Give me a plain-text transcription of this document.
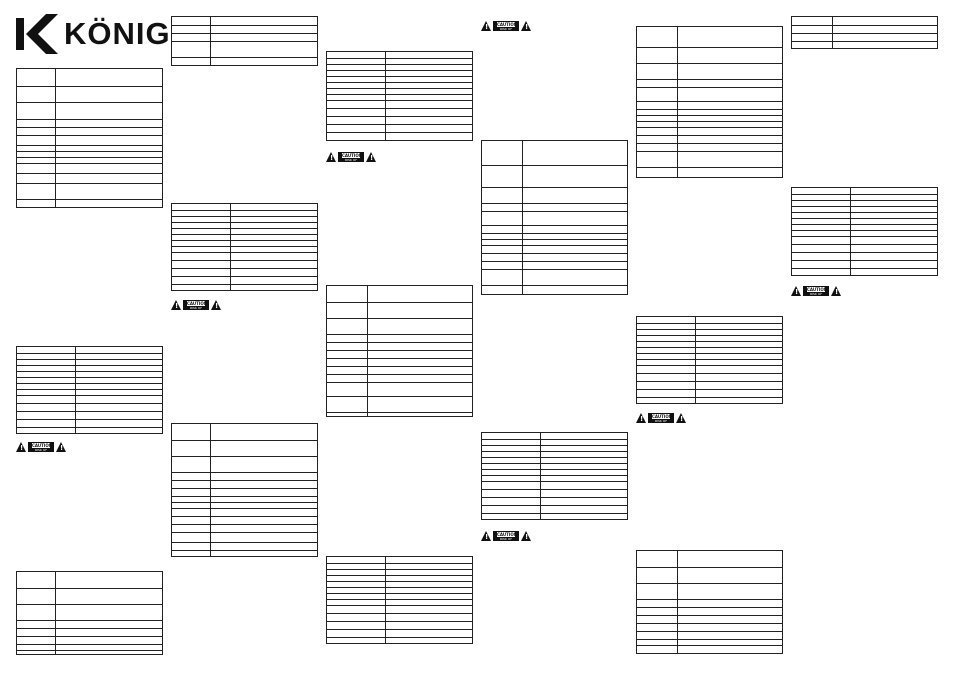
KÖNIG
!
CAUTION
RISK OF ELECTRIC SHOCK
!
!
CAUTION
RISK OF ELECTRIC SHOCK
!
!
CAUTION
RISK OF ELECTRIC SHOCK
!
!
CAUTION
RISK OF ELECTRIC SHOCK
!
!
CAUTION
RISK OF ELECTRIC SHOCK
!
!
CAUTION
RISK OF ELECTRIC SHOCK
!
!
CAUTION
RISK OF ELECTRIC SHOCK
!
